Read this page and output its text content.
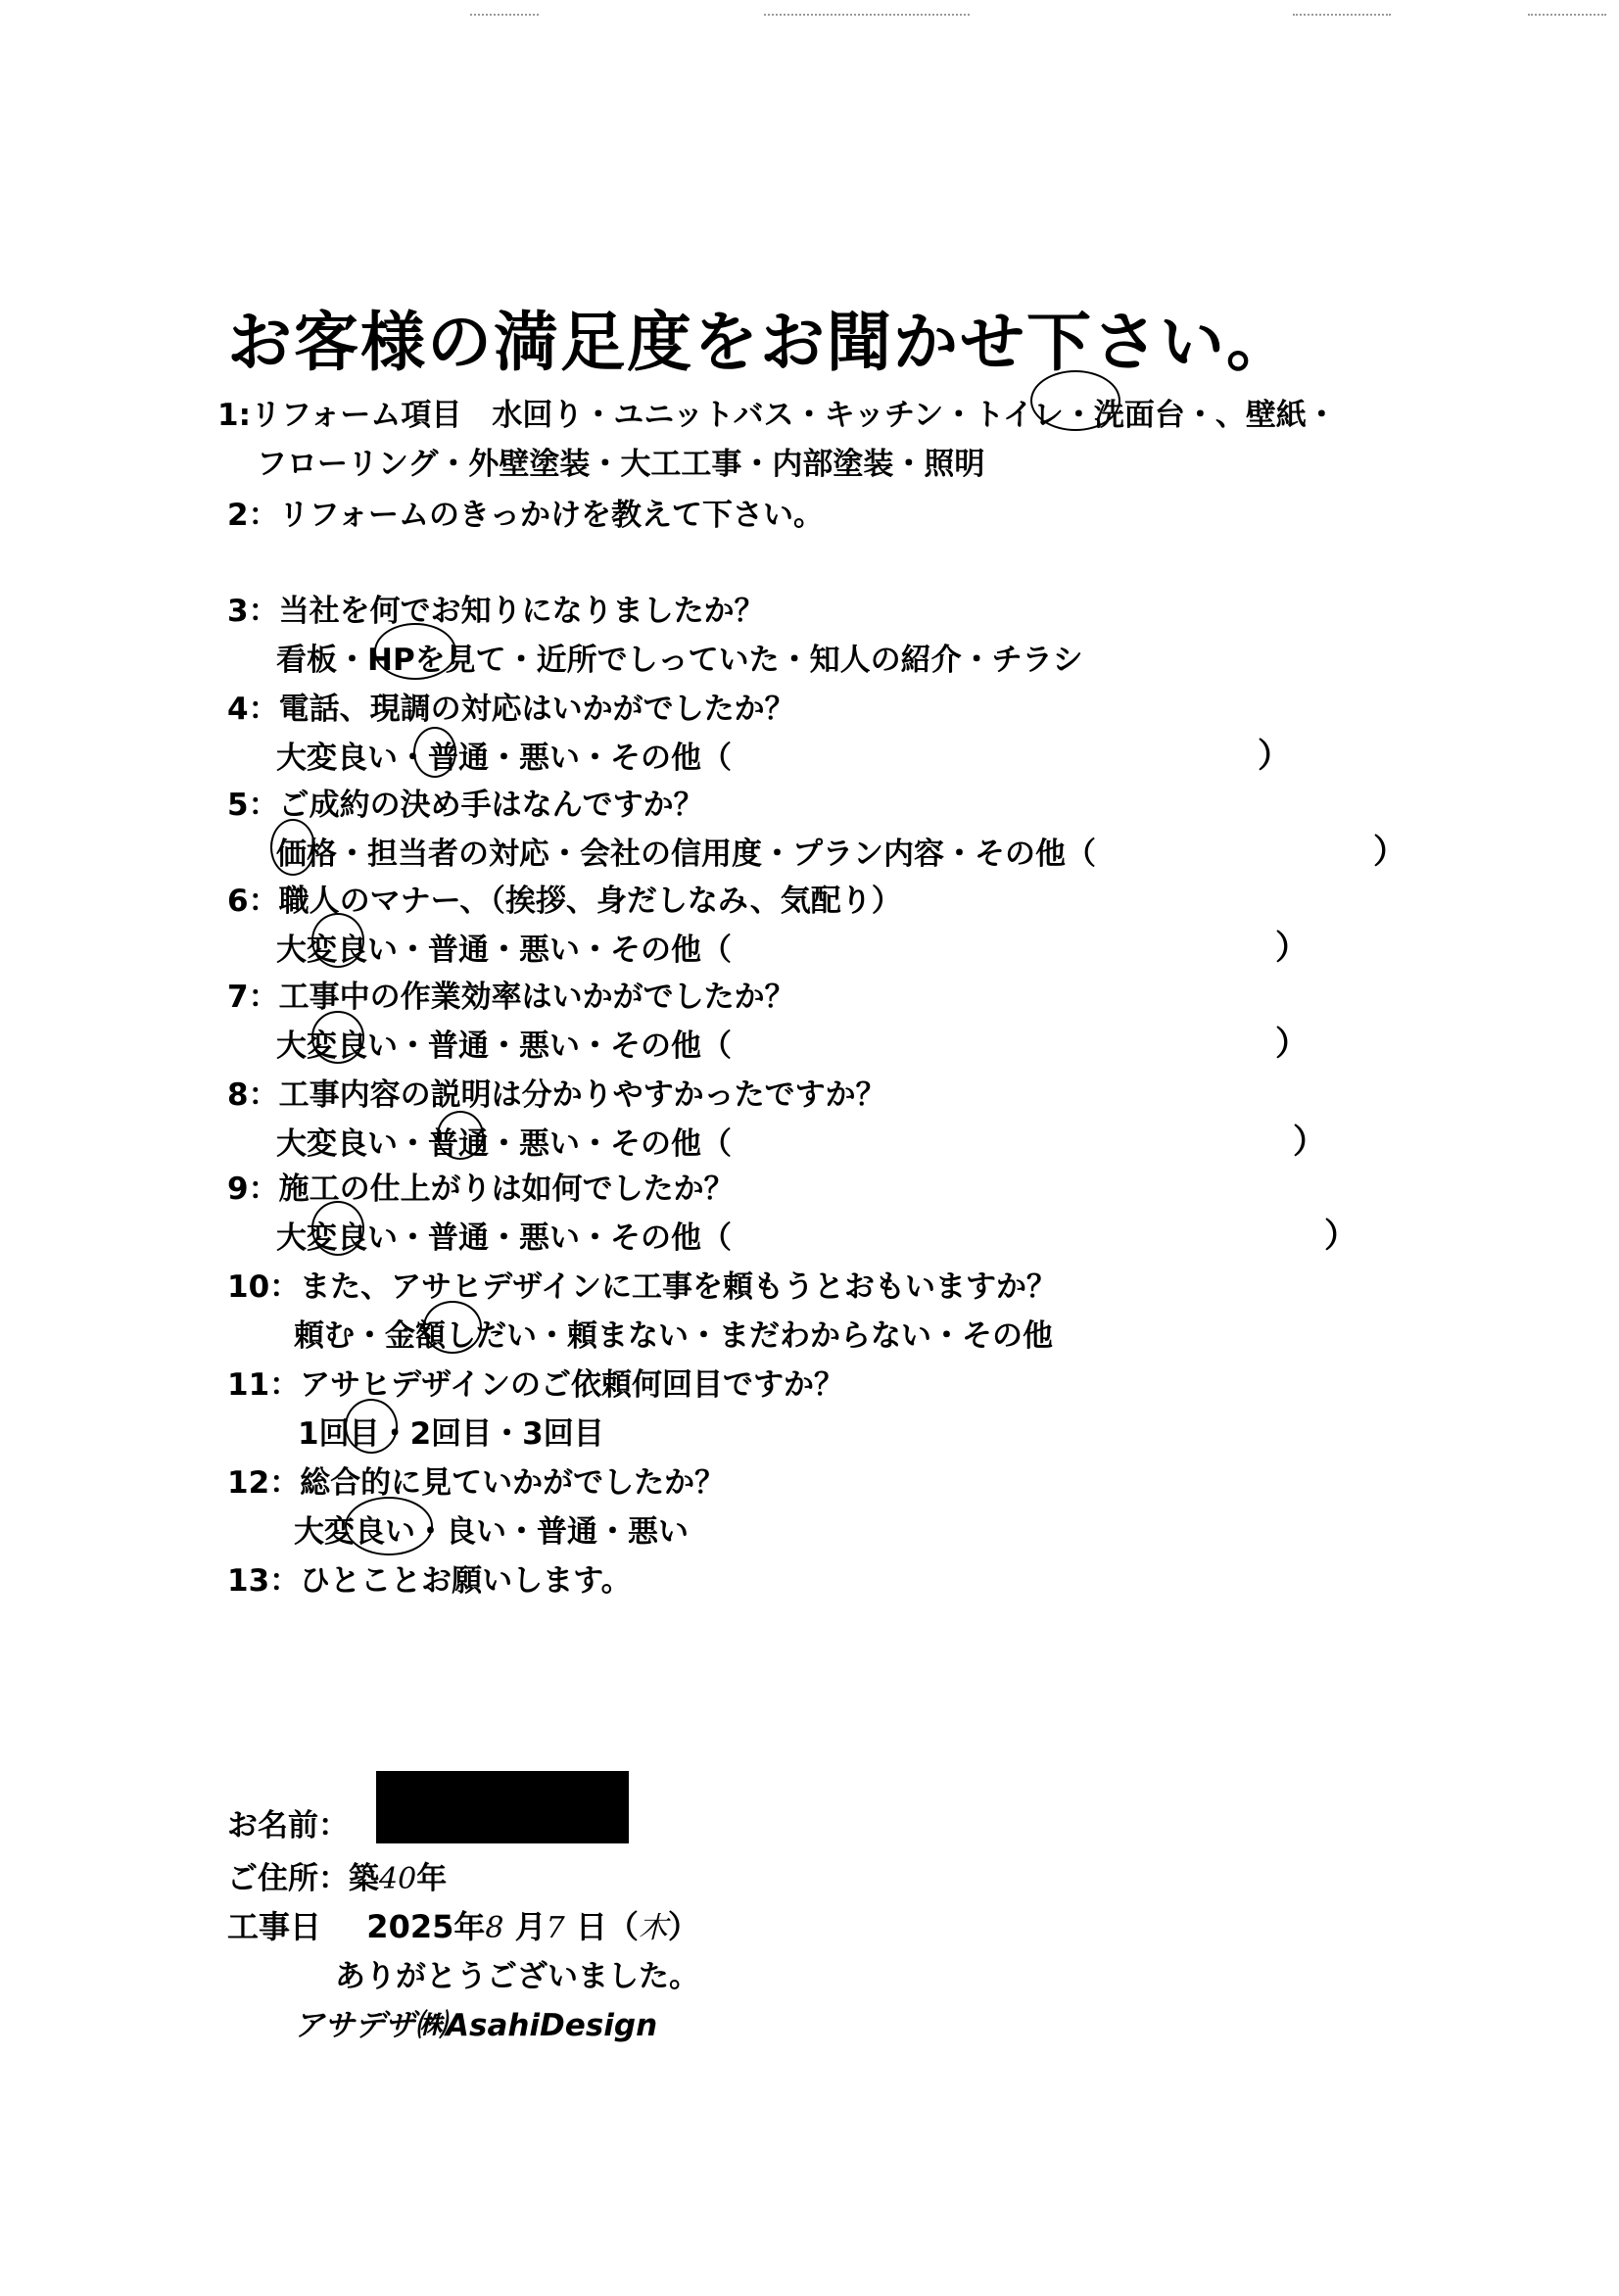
お客様の満足度をお聞かせ下さい。
1:リフォーム項目　水回り・ユニットバス・キッチン・トイレ・洗面台・、壁紙・
フローリング・外壁塗装・大工工事・内部塗装・照明
2：リフォームのきっかけを教えて下さい。
3：当社を何でお知りになりましたか？
看板・HPを見て・近所でしっていた・知人の紹介・チラシ
4：電話、現調の対応はいかがでしたか？
大変良い・普通・悪い・その他（	）
5：ご成約の決め手はなんですか？
価格・担当者の対応・会社の信用度・プラン内容・その他（	）
6：職人のマナー、（挨拶、身だしなみ、気配り）
大変良い・普通・悪い・その他（	）
7：工事中の作業効率はいかがでしたか？
大変良い・普通・悪い・その他（	）
8：工事内容の説明は分かりやすかったですか？
大変良い・普通・悪い・その他（	）
9：施工の仕上がりは如何でしたか？
大変良い・普通・悪い・その他（	）
10：また、アサヒデザインに工事を頼もうとおもいますか？
頼む・金額しだい・頼まない・まだわからない・その他
11：アサヒデザインのご依頼何回目ですか？
1回目・2回目・3回目
12：総合的に見ていかがでしたか？
大変良い・良い・普通・悪い
13：ひとことお願いします。
お名前：
ご住所：築40年
工事日 2025年8 月7 日（木）
ありがとうございました。
アサデザ㈱AsahiDesign
